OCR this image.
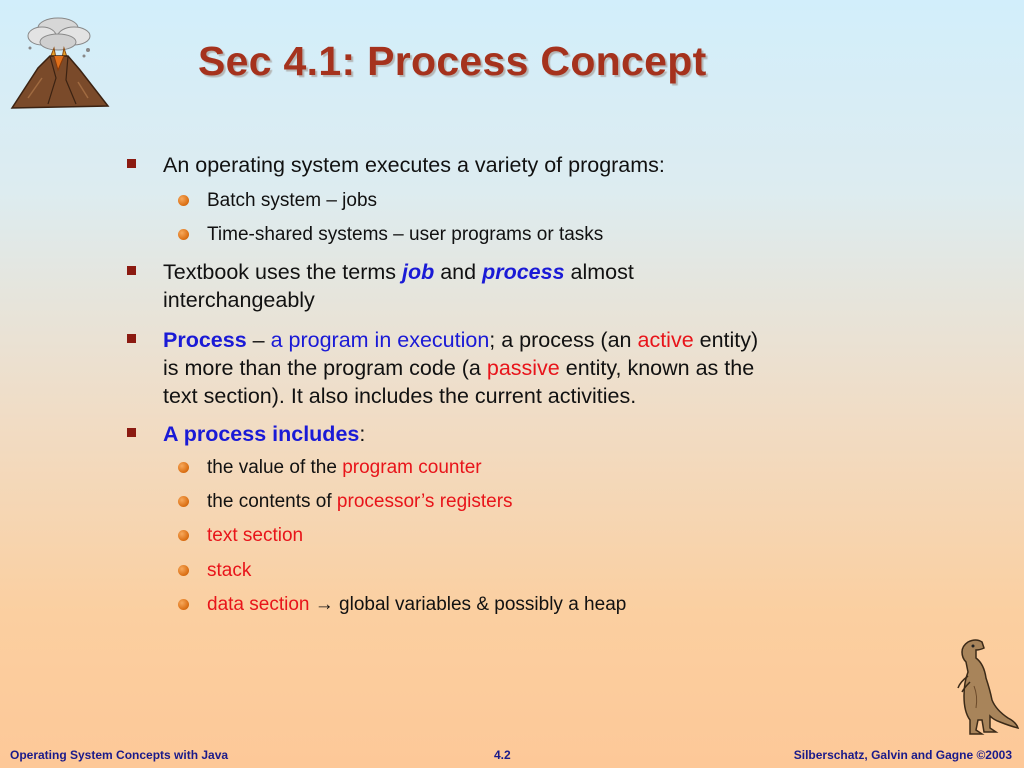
Sec 4.1: Process Concept
An operating system executes a variety of programs:
Batch system – jobs
Time-shared systems – user programs or tasks
Textbook uses the terms job and process almost
interchangeably
Process – a program in execution; a process (an active entity)
is more than the program code (a passive entity, known as the
text section). It also includes the current activities.
A process includes:
the value of the program counter
the contents of processor’s registers
text section
stack
data section → global variables & possibly a heap
Operating System Concepts with Java	4.2	Silberschatz, Galvin and Gagne ©2003
